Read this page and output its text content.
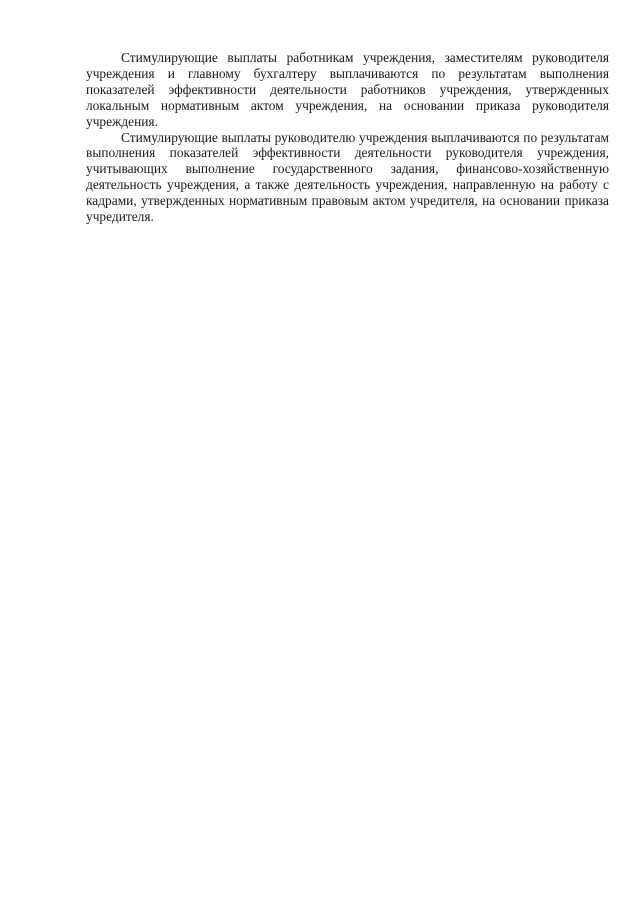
Стимулирующие выплаты работникам учреждения, заместителям руководителя учреждения и главному бухгалтеру выплачиваются по результатам выполнения показателей эффективности деятельности работников учреждения, утвержденных локальным нормативным актом учреждения, на основании приказа руководителя учреждения.

Стимулирующие выплаты руководителю учреждения выплачиваются по результатам выполнения показателей эффективности деятельности руководителя учреждения, учитывающих выполнение государственного задания, финансово-хозяйственную деятельность учреждения, а также деятельность учреждения, направленную на работу с кадрами, утвержденных нормативным правовым актом учредителя, на основании приказа учредителя.
